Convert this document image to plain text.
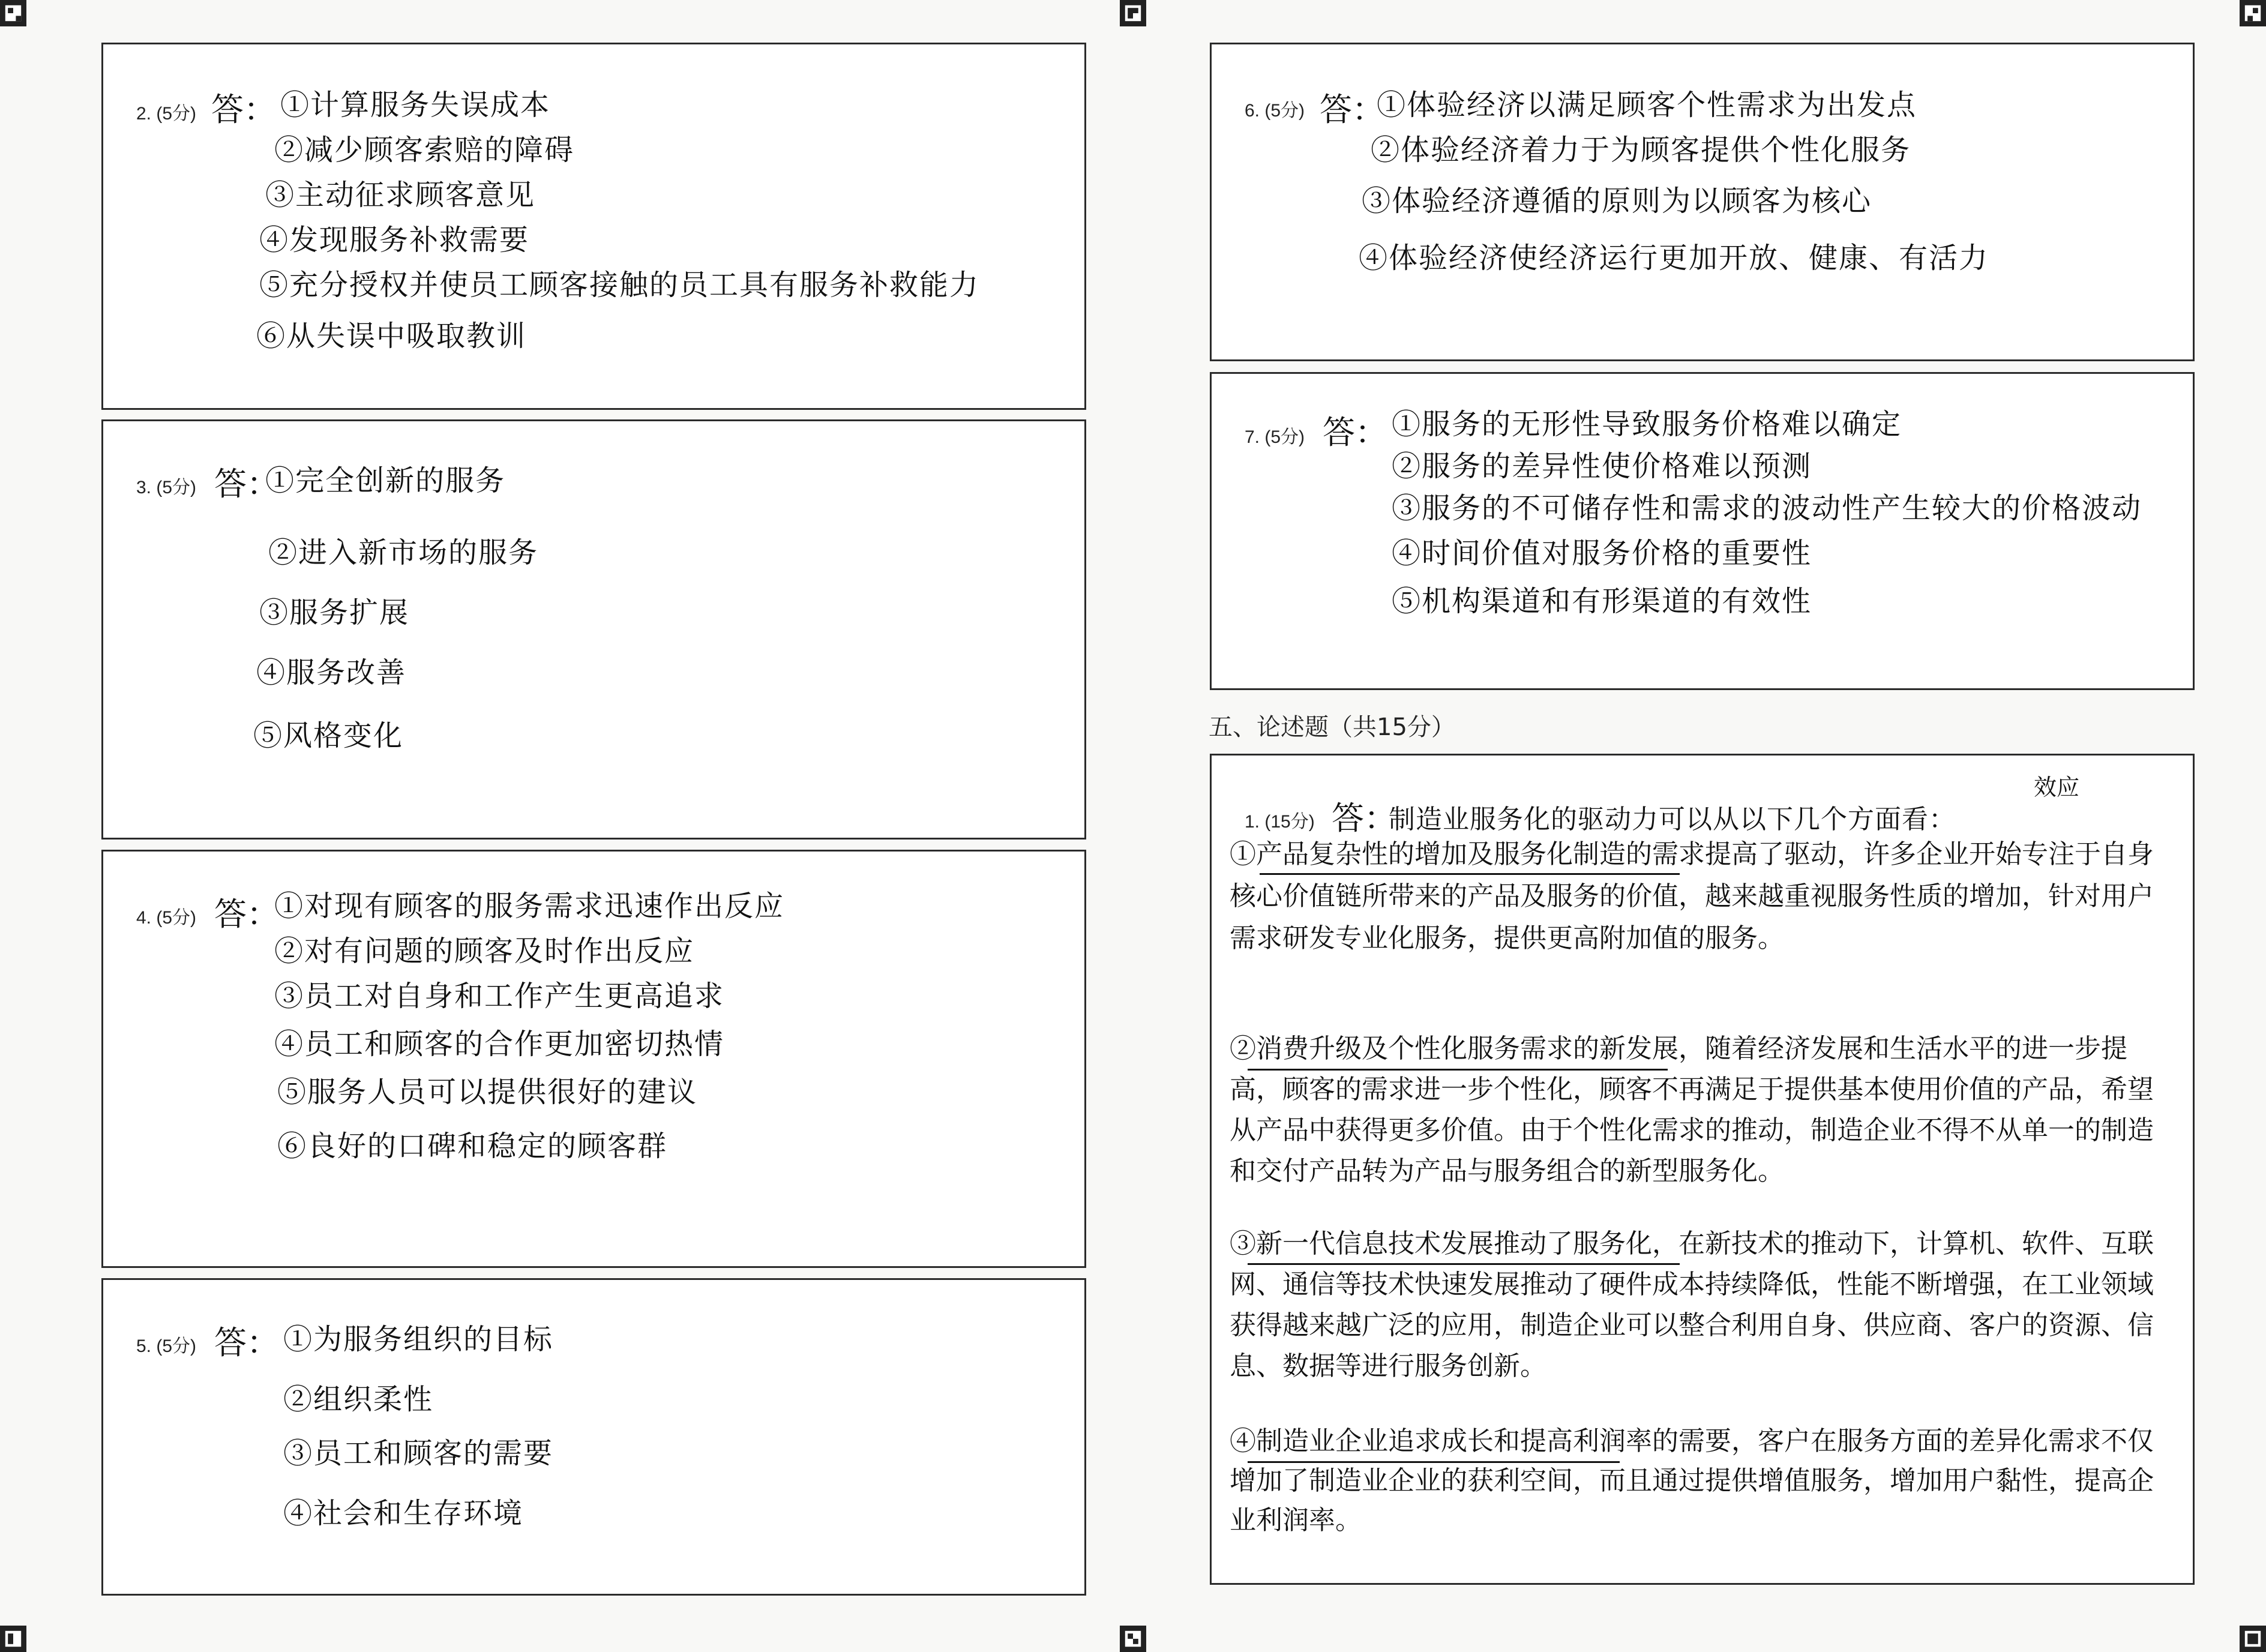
2. (5分) 答： ①计算服务失误成本
②减少顾客索赔的障碍
③主动征求顾客意见
④发现服务补救需要
⑤充分授权并使员工顾客接触的员工具有服务补救能力
⑥从失误中吸取教训
3. (5分) 答：
①完全创新的服务
②进入新市场的服务
③服务扩展
④服务改善
⑤风格变化
4. (5分) 答：
①对现有顾客的服务需求迅速作出反应
②对有问题的顾客及时作出反应
③员工对自身和工作产生更高追求
④员工和顾客的合作更加密切热情
⑤服务人员可以提供很好的建议
⑥良好的口碑和稳定的顾客群
5. (5分) 答： ①为服务组织的目标
②组织柔性
③员工和顾客的需要
④社会和生存环境
6. (5分) 答：
①体验经济以满足顾客个性需求为出发点
②体验经济着力于为顾客提供个性化服务
③体验经济遵循的原则为以顾客为核心
④体验经济使经济运行更加开放、健康、有活力
7. (5分) 答： ①服务的无形性导致服务价格难以确定
②服务的差异性使价格难以预测
③服务的不可储存性和需求的波动性产生较大的价格波动
④时间价值对服务价格的重要性
⑤机构渠道和有形渠道的有效性
五、论述题（共15分）
1. (15分) 答：
制造业服务化的驱动力可以从以下几个方面看：
效应
①产品复杂性的增加及服务化制造的需求提高了驱动，许多企业开始专注于自身核心价值链所带来的产品及服务的价值，越来越重视服务性质的增加，针对用户需求研发专业化服务，提供更高附加值的服务。
②消费升级及个性化服务需求的新发展，随着经济发展和生活水平的进一步提高，顾客的需求进一步个性化，顾客不再满足于提供基本使用价值的产品，希望从产品中获得更多价值。由于个性化需求的推动，制造企业不得不从单一的制造和交付产品转为产品与服务组合的新型服务化。
③新一代信息技术发展推动了服务化，在新技术的推动下，计算机、软件、互联网、通信等技术快速发展推动了硬件成本持续降低，性能不断增强，在工业领域获得越来越广泛的应用，制造企业可以整合利用自身、供应商、客户的资源、信息、数据等进行服务创新。
④制造业企业追求成长和提高利润率的需要，客户在服务方面的差异化需求不仅增加了制造业企业的获利空间，而且通过提供增值服务，增加用户黏性，提高企业利润率。
